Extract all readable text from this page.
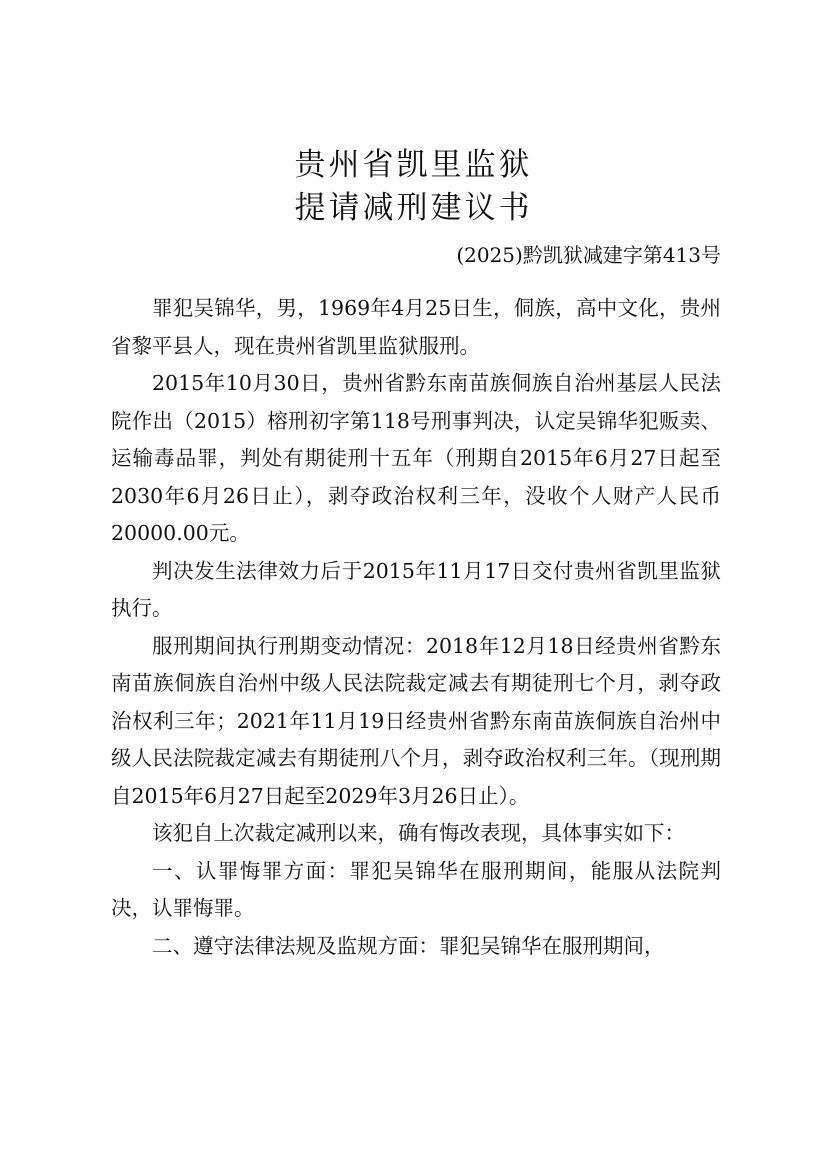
贵州省凯里监狱
提请减刑建议书
(2025)黔凯狱减建字第413号

罪犯吴锦华，男，1969年4月25日生，侗族，高中文化，贵州省黎平县人，现在贵州省凯里监狱服刑。

2015年10月30日，贵州省黔东南苗族侗族自治州基层人民法院作出（2015）榕刑初字第118号刑事判决，认定吴锦华犯贩卖、运输毒品罪，判处有期徒刑十五年（刑期自2015年6月27日起至2030年6月26日止），剥夺政治权利三年，没收个人财产人民币20000.00元。

判决发生法律效力后于2015年11月17日交付贵州省凯里监狱执行。

服刑期间执行刑期变动情况：2018年12月18日经贵州省黔东南苗族侗族自治州中级人民法院裁定减去有期徒刑七个月，剥夺政治权利三年；2021年11月19日经贵州省黔东南苗族侗族自治州中级人民法院裁定减去有期徒刑八个月，剥夺政治权利三年。（现刑期自2015年6月27日起至2029年3月26日止）。

该犯自上次裁定减刑以来，确有悔改表现，具体事实如下：

一、认罪悔罪方面：罪犯吴锦华在服刑期间，能服从法院判决，认罪悔罪。

二、遵守法律法规及监规方面：罪犯吴锦华在服刑期间，
